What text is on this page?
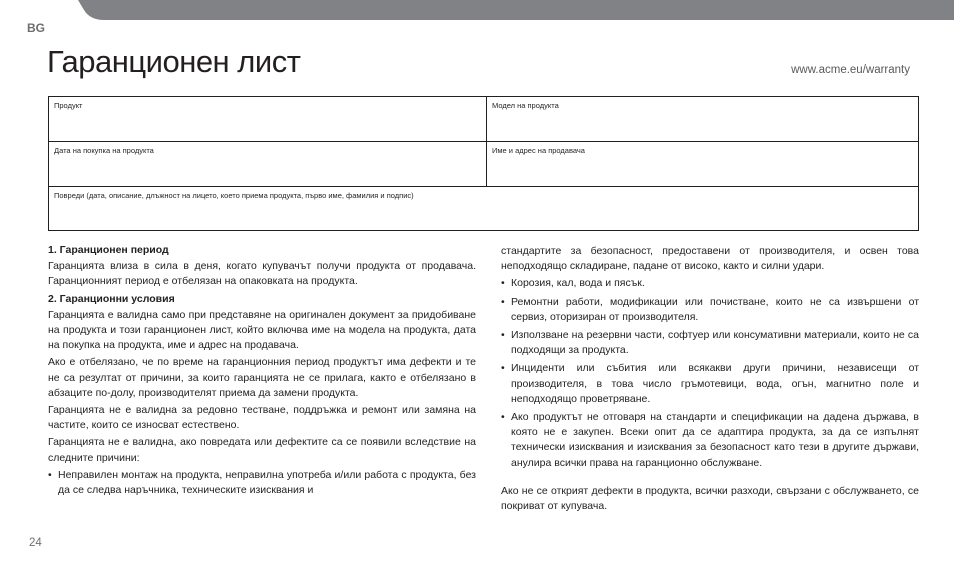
BG
Гаранционен лист	www.acme.eu/warranty
Продукт	Модел на продукта
Дата на покупка на продукта	Име и адрес на продавача
Повреди (дата, описание, длъжност на лицето, което приема продукта, първо име, фамилия и подпис)
1. Гаранционен период

Гаранцията влиза в сила в деня, когато купувачът получи продукта от продавача. Гаранционният период е отбелязан на опаковката на продукта.

2. Гаранционни условия

Гаранцията е валидна само при представяне на оригинален документ за придобиване на продукта и този гаранционен лист, който включва име на модела на продукта, дата на покупка на продукта, име и адрес на продавача.

Ако е отбелязано, че по време на гаранционния период продуктът има дефекти и те не са резултат от причини, за които гаранцията не се прилага, както е отбелязано в абзаците по-долу, производителят приема да замени продукта.

Гаранцията не е валидна за редовно тестване, поддръжка и ремонт или замяна на частите, които се износват естествено.

Гаранцията не е валидна, ако повредата или дефектите са се появили вследствие на следните причини:

• Неправилен монтаж на продукта, неправилна употреба и/или работа с продукта, без да се следва наръчника, техническите изисквания и

стандартите за безопасност, предоставени от производителя, и освен това неподходящо складиране, падане от високо, както и силни удари.

• Корозия, кал, вода и пясък.
• Ремонтни работи, модификации или почистване, които не са извършени от сервиз, оторизиран от производителя.
• Използване на резервни части, софтуер или консумативни материали, които не са подходящи за продукта.
• Инциденти или събития или всякакви други причини, независещи от производителя, в това число гръмотевици, вода, огън, магнитно поле и неподходящо проветряване.
• Ако продуктът не отговаря на стандарти и спецификации на дадена държава, в която не е закупен. Всеки опит да се адаптира продукта, за да се изпълнят технически изисквания и изисквания за безопасност като тези в другите държави, анулира всички права на гаранционно обслужване.

Ако не се открият дефекти в продукта, всички разходи, свързани с обслужването, се покриват от купувача.

24
